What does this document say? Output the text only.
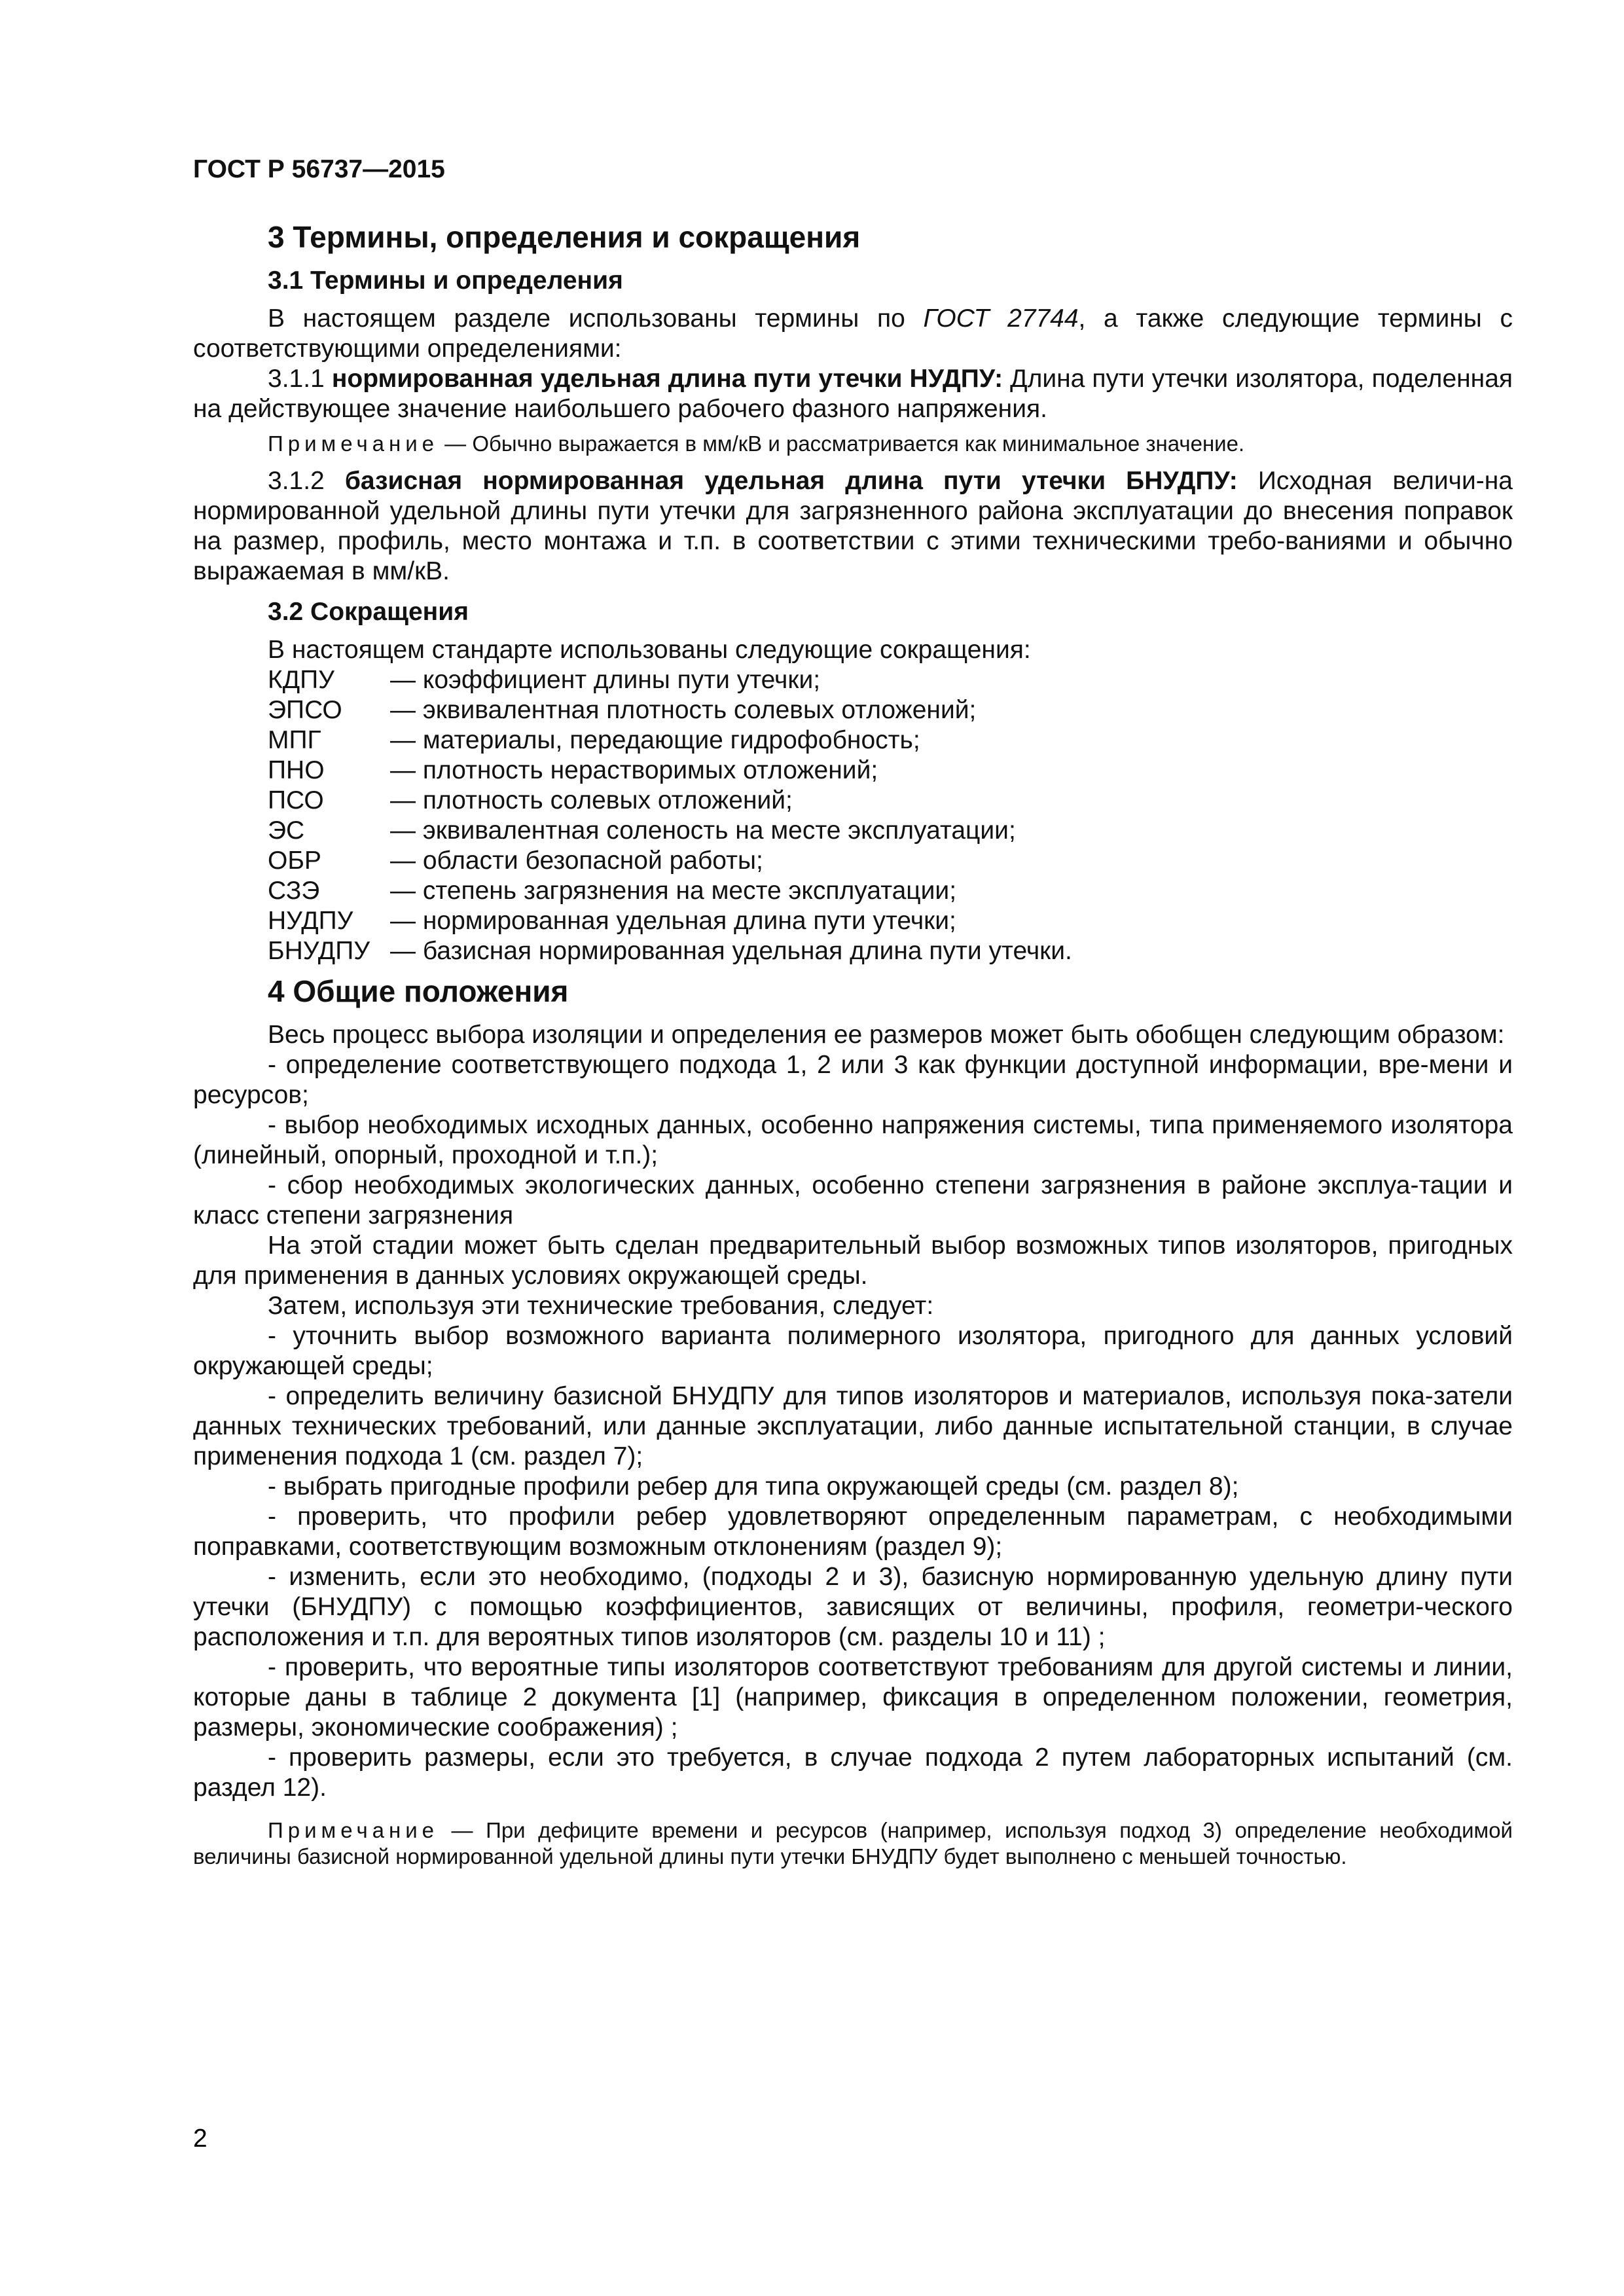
ГОСТ Р 56737—2015
3 Термины, определения и сокращения
3.1 Термины и определения

В настоящем разделе использованы термины по ГОСТ 27744, а также следующие термины с соответствующими определениями:

3.1.1 нормированная удельная длина пути утечки НУДПУ: Длина пути утечки изолятора, поделенная на действующее значение наибольшего рабочего фазного напряжения.

Примечание — Обычно выражается в мм/кВ и рассматривается как минимальное значение.

3.1.2 базисная нормированная удельная длина пути утечки БНУДПУ: Исходная величи-на нормированной удельной длины пути утечки для загрязненного района эксплуатации до внесения поправок на размер, профиль, место монтажа и т.п. в соответствии с этими техническими требо-ваниями и обычно выражаемая в мм/кВ.

3.2 Сокращения
В настоящем стандарте использованы следующие сокращения:
КДПУ	— коэффициент длины пути утечки;
ЭПСО	— эквивалентная плотность солевых отложений;
МПГ	— материалы, передающие гидрофобность;
ПНО	— плотность нерастворимых отложений;
ПСО	— плотность солевых отложений;
ЭС	— эквивалентная соленость на месте эксплуатации;
ОБР	— области безопасной работы;
СЗЭ	— степень загрязнения на месте эксплуатации;
НУДПУ	— нормированная удельная длина пути утечки;
БНУДПУ — базисная нормированная удельная длина пути утечки.
4 Общие положения

Весь процесс выбора изоляции и определения ее размеров может быть обобщен следующим образом:

- определение соответствующего подхода 1, 2 или 3 как функции доступной информации, вре-мени и ресурсов;

- выбор необходимых исходных данных, особенно напряжения системы, типа применяемого изолятора (линейный, опорный, проходной и т.п.);

- сбор необходимых экологических данных, особенно степени загрязнения в районе эксплуа-тации и класс степени загрязнения

На этой стадии может быть сделан предварительный выбор возможных типов изоляторов, пригодных для применения в данных условиях окружающей среды.

Затем, используя эти технические требования, следует:

- уточнить выбор возможного варианта полимерного изолятора, пригодного для данных условий окружающей среды;

- определить величину базисной БНУДПУ для типов изоляторов и материалов, используя пока-затели данных технических требований, или данные эксплуатации, либо данные испытательной станции, в случае применения подхода 1 (см. раздел 7);

- выбрать пригодные профили ребер для типа окружающей среды (см. раздел 8);

- проверить, что профили ребер удовлетворяют определенным параметрам, с необходимыми поправками, соответствующим возможным отклонениям (раздел 9);

- изменить, если это необходимо, (подходы 2 и 3), базисную нормированную удельную длину пути утечки (БНУДПУ) с помощью коэффициентов, зависящих от величины, профиля, геометри-ческого расположения и т.п. для вероятных типов изоляторов (см. разделы 10 и 11) ;

- проверить, что вероятные типы изоляторов соответствуют требованиям для другой системы и линии, которые даны в таблице 2 документа [1] (например, фиксация в определенном положении, геометрия, размеры, экономические соображения) ;

- проверить размеры, если это требуется, в случае подхода 2 путем лабораторных испытаний (см. раздел 12).

Примечание — При дефиците времени и ресурсов (например, используя подход 3) определение необходимой величины базисной нормированной удельной длины пути утечки БНУДПУ будет выполнено с меньшей точностью.

2
